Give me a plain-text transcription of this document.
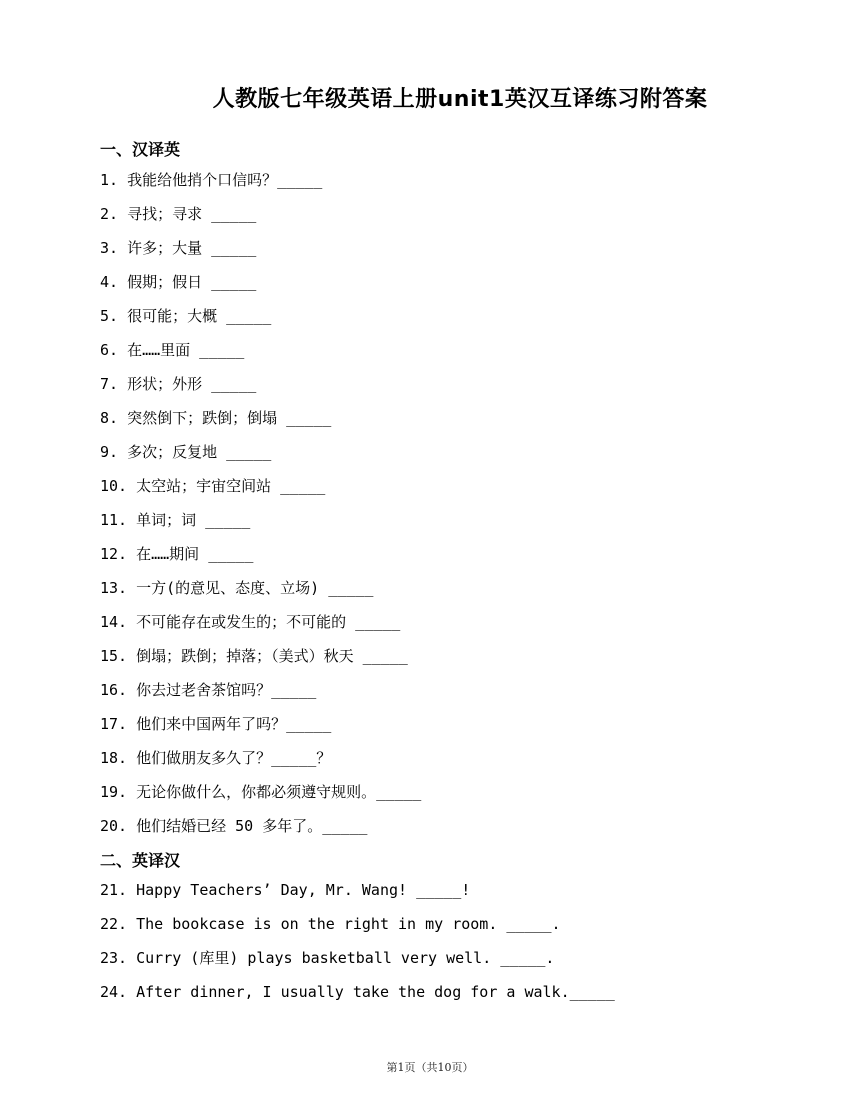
人教版七年级英语上册unit1英汉互译练习附答案
一、汉译英
1. 我能给他捎个口信吗？_____
2. 寻找；寻求 _____
3. 许多；大量 _____
4. 假期；假日 _____
5. 很可能；大概 _____
6. 在……里面 _____
7. 形状；外形 _____
8. 突然倒下；跌倒；倒塌 _____
9. 多次；反复地 _____
10. 太空站；宇宙空间站 _____
11. 单词；词 _____
12. 在……期间 _____
13. 一方(的意见、态度、立场) _____
14. 不可能存在或发生的；不可能的 _____
15. 倒塌；跌倒；掉落；（美式）秋天 _____
16. 你去过老舍茶馆吗？_____
17. 他们来中国两年了吗？_____
18. 他们做朋友多久了？_____？
19. 无论你做什么，你都必须遵守规则。_____
20. 他们结婚已经 50 多年了。_____
二、英译汉
21. Happy Teachers’ Day, Mr. Wang! _____!
22. The bookcase is on the right in my room. _____.
23. Curry (库里) plays basketball very well. _____.
24. After dinner, I usually take the dog for a walk._____
第1页（共10页）
